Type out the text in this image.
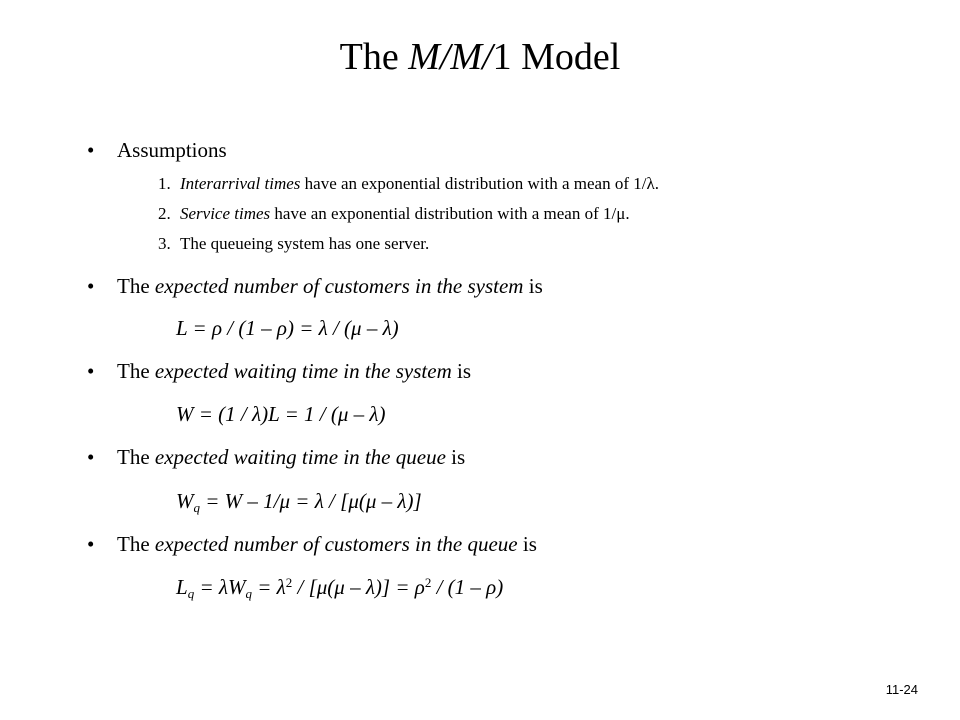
The M/M/1 Model
• Assumptions
1. Interarrival times have an exponential distribution with a mean of 1/λ.
2. Service times have an exponential distribution with a mean of 1/μ.
3. The queueing system has one server.
• The expected number of customers in the system is
L = ρ / (1 – ρ) = λ / (μ – λ)
• The expected waiting time in the system is
W = (1 / λ)L = 1 / (μ – λ)
• The expected waiting time in the queue is
$W_q = W - 1/\mu = \lambda / [\mu(\mu - \lambda)]$
• The expected number of customers in the queue is
$L_q = \lambda W_q = \lambda^2 / [\mu(\mu - \lambda)] = \rho^2 / (1 - \rho)$
11-24
